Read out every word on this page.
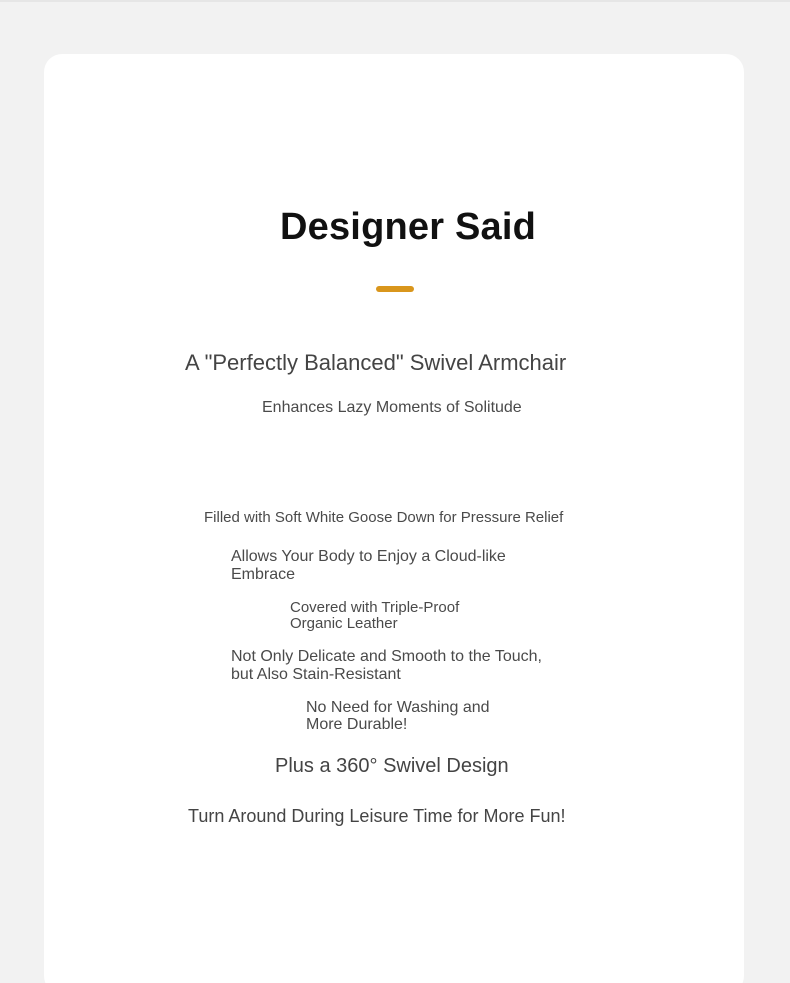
Designer Said
A "Perfectly Balanced" Swivel Armchair
Enhances Lazy Moments of Solitude
Filled with Soft White Goose Down for Pressure Relief
Allows Your Body to Enjoy a Cloud-like Embrace
Covered with Triple-Proof Organic Leather
Not Only Delicate and Smooth to the Touch, but Also Stain-Resistant
No Need for Washing and More Durable!
Plus a 360° Swivel Design
Turn Around During Leisure Time for More Fun!
